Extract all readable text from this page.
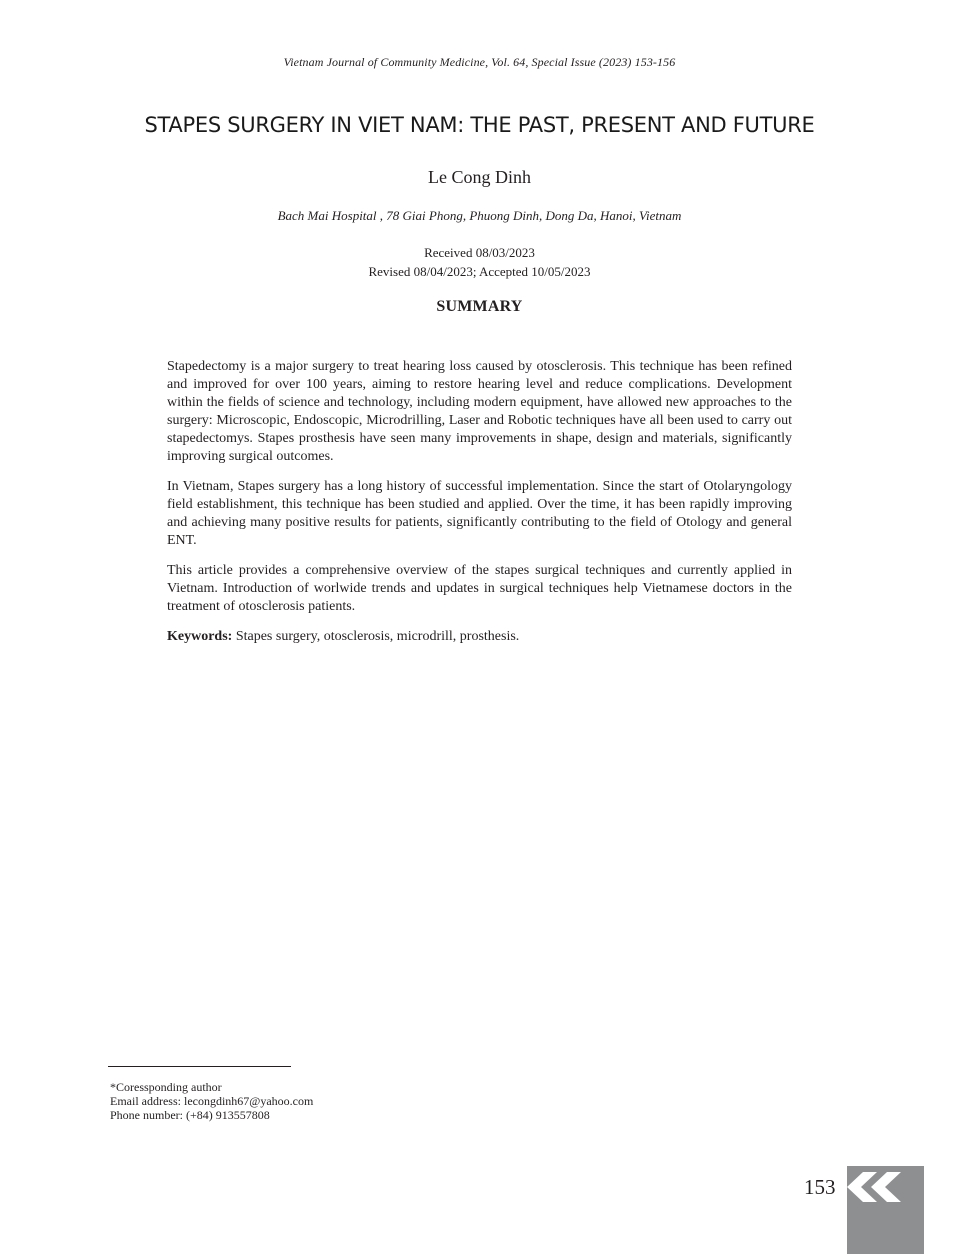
Vietnam Journal of Community Medicine, Vol. 64, Special Issue (2023) 153-156
STAPES SURGERY IN VIET NAM: THE PAST, PRESENT AND FUTURE
Le Cong Dinh
Bach Mai Hospital , 78 Giai Phong, Phuong Dinh, Dong Da, Hanoi, Vietnam
Received 08/03/2023
Revised 08/04/2023; Accepted 10/05/2023
SUMMARY

Stapedectomy is a major surgery to treat hearing loss caused by otosclerosis. This technique has been refined and improved for over 100 years, aiming to restore hearing level and reduce complications. Development within the fields of science and technology, including modern equipment, have allowed new approaches to the surgery: Microscopic, Endoscopic, Microdrilling, Laser and Robotic techniques have all been used to carry out stapedectomys. Stapes prosthesis have seen many improvements in shape, design and materials, significantly improving surgical outcomes.

In Vietnam, Stapes surgery has a long history of successful implementation. Since the start of Otolaryngology field establishment, this technique has been studied and applied. Over the time, it has been rapidly improving and achieving many positive results for patients, significantly contributing to the field of Otology and general ENT.

This article provides a comprehensive overview of the stapes surgical techniques and currently applied in Vietnam. Introduction of worlwide trends and updates in surgical techniques help Vietnamese doctors in the treatment of otosclerosis patients.

Keywords: Stapes surgery, otosclerosis, microdrill, prosthesis.

*Coressponding author
Email address: lecongdinh67@yahoo.com
Phone number: (+84) 913557808
153
